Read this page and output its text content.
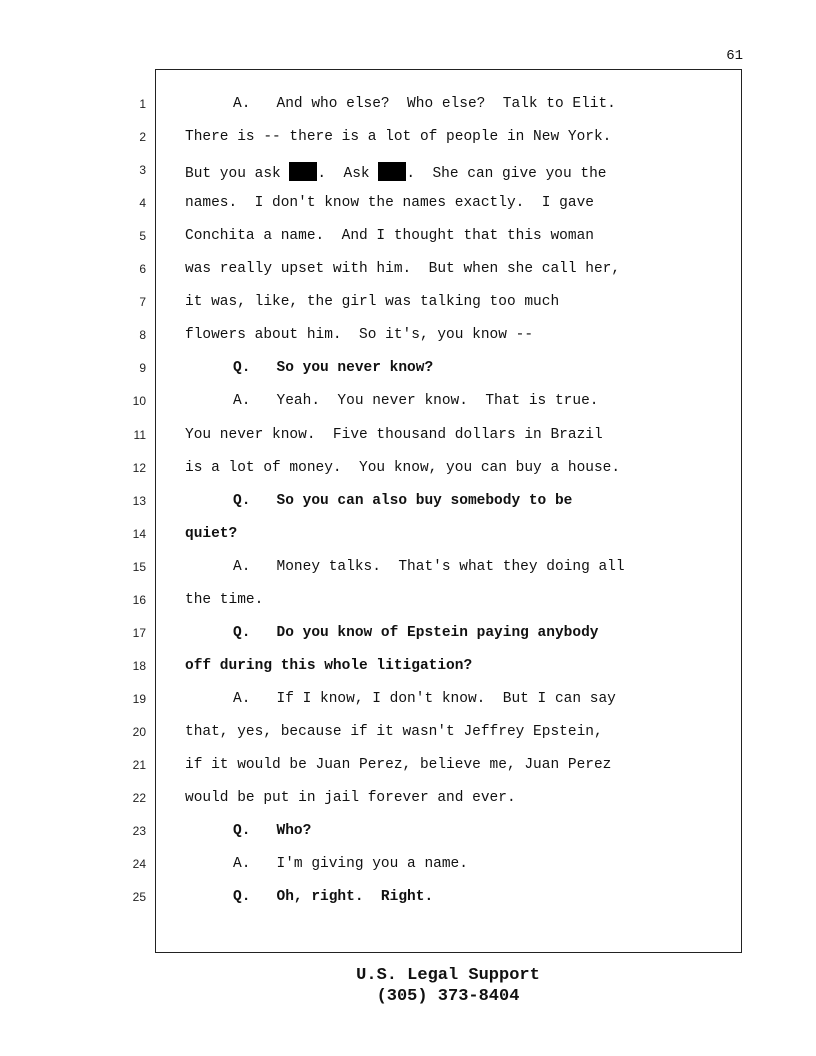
61
1	A. And who else?  Who else?  Talk to Elit.
2	There is -- there is a lot of people in New York.
3	But you ask .  Ask .  She can give you the
4	names.  I don't know the names exactly.  I gave
5	Conchita a name.  And I thought that this woman
6	was really upset with him.  But when she call her,
7	it was, like, the girl was talking too much
8	flowers about him.  So it's, you know --
9	Q. So you never know?
10	A. Yeah.  You never know.  That is true.
11	You never know.  Five thousand dollars in Brazil
12	is a lot of money.  You know, you can buy a house.
13	Q. So you can also buy somebody to be
14	quiet?
15	A. Money talks.  That's what they doing all
16	the time.
17	Q. Do you know of Epstein paying anybody
18	off during this whole litigation?
19	A. If I know, I don't know.  But I can say
20	that, yes, because if it wasn't Jeffrey Epstein,
21	if it would be Juan Perez, believe me, Juan Perez
22	would be put in jail forever and ever.
23	Q. Who?
24	A. I'm giving you a name.
25	Q. Oh, right.  Right.
U.S. Legal Support
(305) 373-8404
